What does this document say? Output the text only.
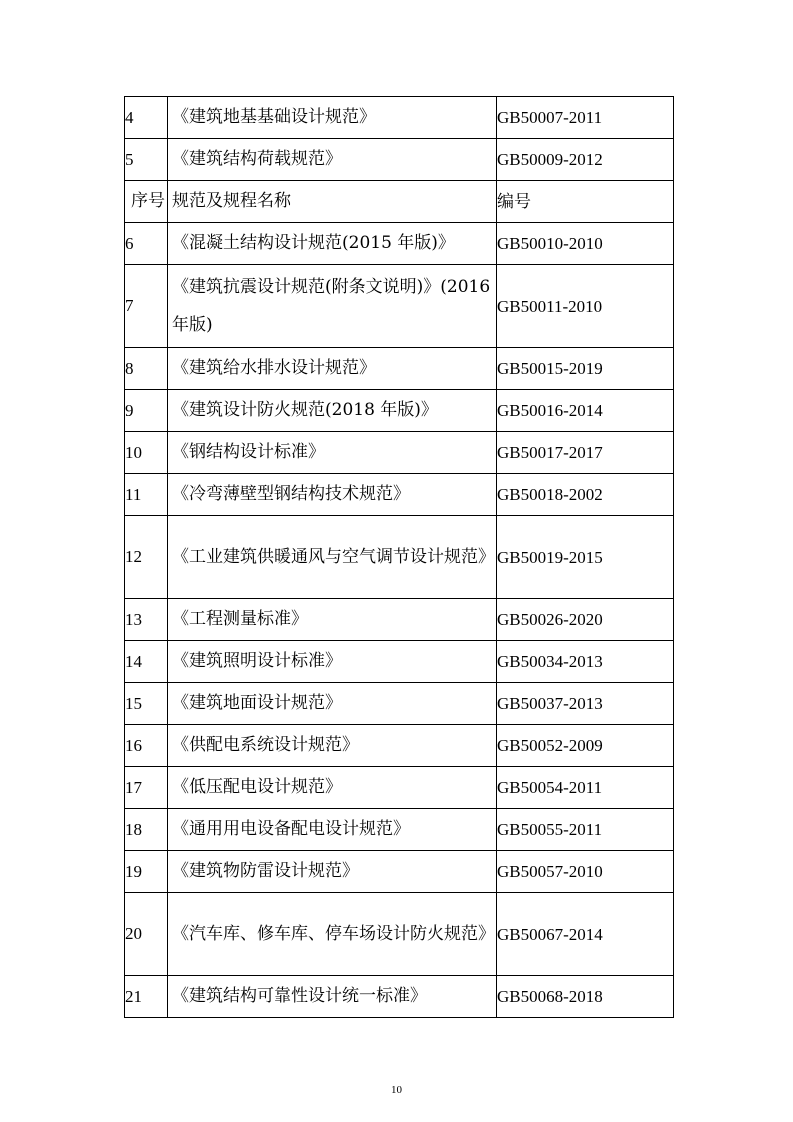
4	《建筑地基基础设计规范》	GB50007-2011
5	《建筑结构荷载规范》	GB50009-2012
序号	规范及规程名称	编号
6	《混凝土结构设计规范(2015 年版)》	GB50010-2010
7	《建筑抗震设计规范(附条文说明)》(2016 年版)	GB50011-2010
8	《建筑给水排水设计规范》	GB50015-2019
9	《建筑设计防火规范(2018 年版)》	GB50016-2014
10	《钢结构设计标准》	GB50017-2017
11	《冷弯薄壁型钢结构技术规范》	GB50018-2002
12	《工业建筑供暖通风与空气调节设计规范》	GB50019-2015
13	《工程测量标准》	GB50026-2020
14	《建筑照明设计标准》	GB50034-2013
15	《建筑地面设计规范》	GB50037-2013
16	《供配电系统设计规范》	GB50052-2009
17	《低压配电设计规范》	GB50054-2011
18	《通用用电设备配电设计规范》	GB50055-2011
19	《建筑物防雷设计规范》	GB50057-2010
20	《汽车库、修车库、停车场设计防火规范》	GB50067-2014
21	《建筑结构可靠性设计统一标准》	GB50068-2018
10
